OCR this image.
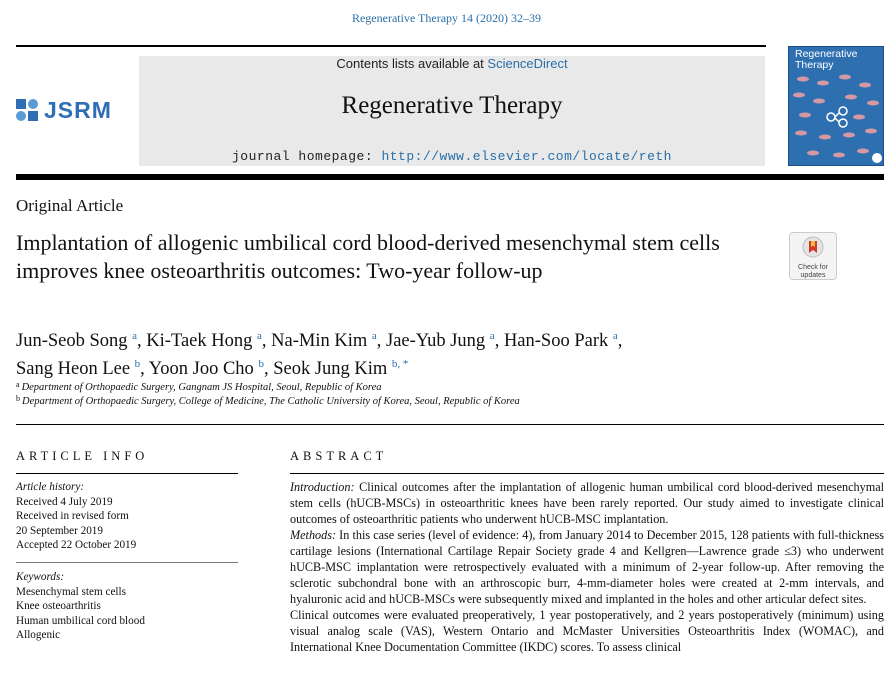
Regenerative Therapy 14 (2020) 32–39
JSRM
Contents lists available at ScienceDirect
Regenerative Therapy
journal homepage: http://www.elsevier.com/locate/reth
Regenerative
Therapy
Original Article
Implantation of allogenic umbilical cord blood-derived mesenchymal stem cells improves knee osteoarthritis outcomes: Two-year follow-up	Check for
updates
Jun-Seob Song $^a$, Ki-Taek Hong $^a$, Na-Min Kim $^a$, Jae-Yub Jung $^a$, Han-Soo Park $^a$,
Sang Heon Lee $^b$, Yoon Joo Cho $^b$, Seok Jung Kim $^{b, *}$
$^a$ Department of Orthopaedic Surgery, Gangnam JS Hospital, Seoul, Republic of Korea
$^b$ Department of Orthopaedic Surgery, College of Medicine, The Catholic University of Korea, Seoul, Republic of Korea
ARTICLE INFO	ABSTRACT
Article history:
Received 4 July 2019
Received in revised form
20 September 2019
Accepted 22 October 2019
Keywords:
Mesenchymal stem cells
Knee osteoarthritis
Human umbilical cord blood
Allogenic

Introduction: Clinical outcomes after the implantation of allogenic human umbilical cord blood-derived mesenchymal stem cells (hUCB-MSCs) in osteoarthritic knees have been rarely reported. Our study aimed to investigate clinical outcomes of osteoarthritic patients who underwent hUCB-MSC implantation.

Methods: In this case series (level of evidence: 4), from January 2014 to December 2015, 128 patients with full-thickness cartilage lesions (International Cartilage Repair Society grade 4 and Kellgren—Lawrence grade ≤3) who underwent hUCB-MSC implantation were retrospectively evaluated with a minimum of 2-year follow-up. After removing the sclerotic subchondral bone with an arthroscopic burr, 4-mm-diameter holes were created at 2-mm intervals, and hyaluronic acid and hUCB-MSCs were subsequently mixed and implanted in the holes and other articular defect sites.

Clinical outcomes were evaluated preoperatively, 1 year postoperatively, and 2 years postoperatively (minimum) using visual analog scale (VAS), Western Ontario and McMaster Universities Osteoarthritis Index (WOMAC), and International Knee Documentation Committee (IKDC) scores. To assess clinical
